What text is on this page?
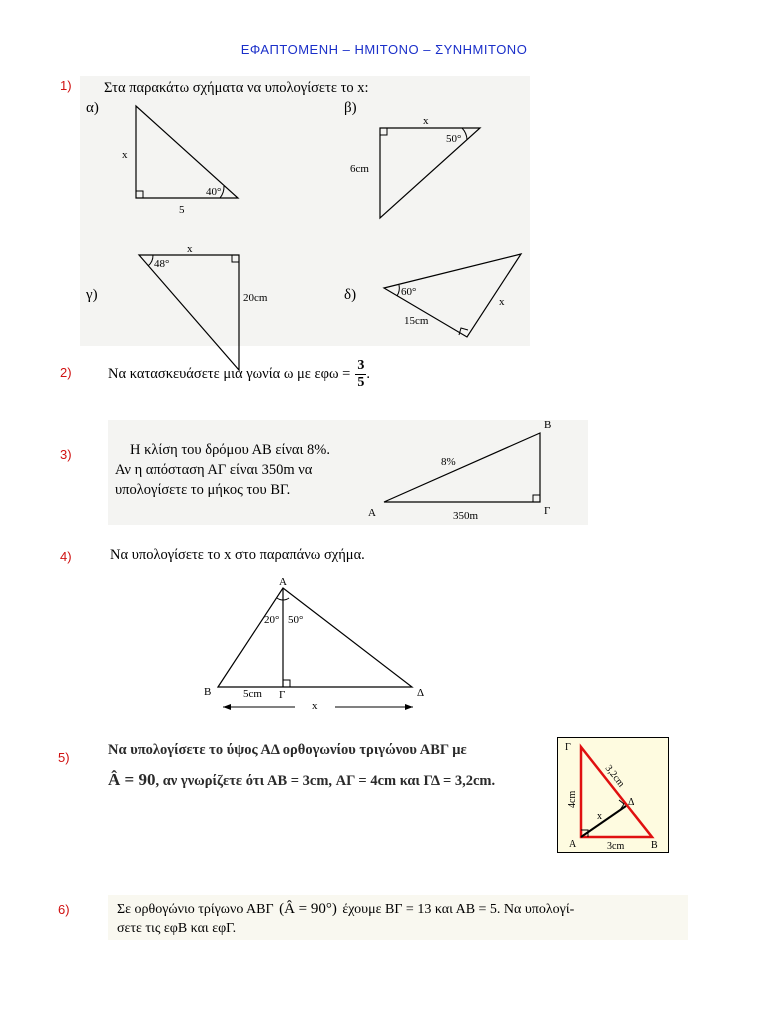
ΕΦΑΠΤΟΜΕΝΗ – ΗΜΙΤΟΝΟ – ΣΥΝΗΜΙΤΟΝΟ
1) Στα παρακάτω σχήματα να υπολογίσετε το x:
α)
x
5
40°
β)
x
6cm
50°
γ)
x
20cm
48°
δ)	x
15cm
60°
2)	Να κατασκευάσετε μια γωνία ω με $\varepsilon\varphi\omega = \frac{3}{5}$ .
3)	Η κλίση του δρόμου ΑΒ είναι 8%.
Αν η απόσταση ΑΓ είναι 350m να
υπολογίσετε το μήκος του ΒΓ.
Β
Α	Γ
8%
350m
4)	Να υπολογίσετε το x στο παραπάνω σχήμα.
Α
Β	Γ	Δ
20° 50°
5cm
x
5)	Να υπολογίσετε το ύψος ΑΔ ορθογωνίου τριγώνου ΑΒΓ με
Â = 90, αν γνωρίζετε ότι ΑΒ = 3cm, ΑΓ = 4cm και ΓΔ = 3,2cm.
Γ
Α	Β
Δ
x
3cm
4cm
3,2cm
6)	Σε ορθογώνιο τρίγωνο ΑΒΓ (Â = 90°) έχουμε ΒΓ = 13 και ΑΒ = 5. Να υπολογί-
σετε τις εφΒ και εφΓ.
